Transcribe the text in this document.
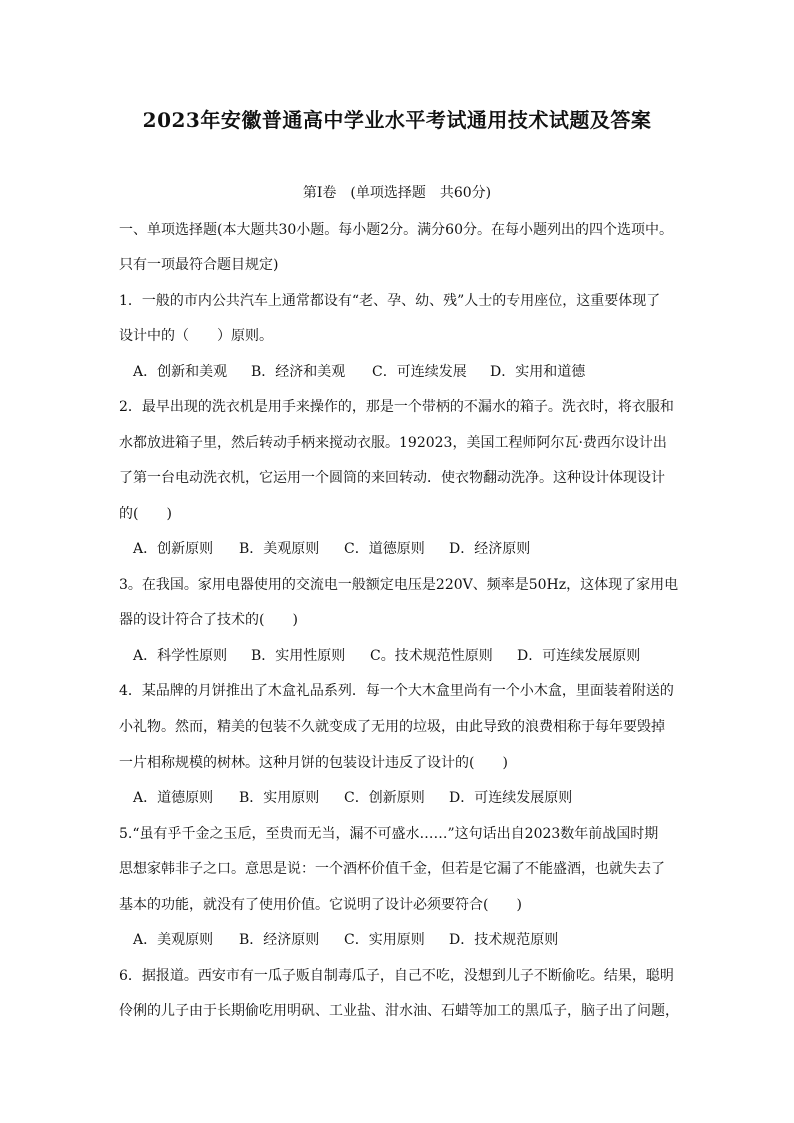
2023年安徽普通高中学业水平考试通用技术试题及答案
第Ⅰ卷　(单项选择题　共60分)
一、单项选择题(本大题共30小题。每小题2分。满分60分。在每小题列出的四个选项中。
只有一项最符合题目规定)
1．一般的市内公共汽车上通常都设有“老、孕、幼、残”人士的专用座位，这重要体现了
设计中的（　　）原则。
A．创新和美观 B．经济和美观 C．可连续发展 D．实用和道德
2．最早出现的洗衣机是用手来操作的，那是一个带柄的不漏水的箱子。洗衣时，将衣服和
水都放进箱子里，然后转动手柄来搅动衣服。192023，美国工程师阿尔瓦·费西尔设计出
了第一台电动洗衣机，它运用一个圆筒的来回转动．使衣物翻动洗净。这种设计体现设计
的(　　)
A．创新原则 B．美观原则 C．道德原则 D．经济原则
3。在我国。家用电器使用的交流电一般额定电压是220V、频率是50Hz，这体现了家用电
器的设计符合了技术的(　　)
A．科学性原则 B．实用性原则 C。技术规范性原则 D．可连续发展原则
4．某品牌的月饼推出了木盒礼品系列．每一个大木盒里尚有一个小木盒，里面装着附送的
小礼物。然而，精美的包装不久就变成了无用的垃圾，由此导致的浪费相称于每年要毁掉
一片相称规模的树林。这种月饼的包装设计违反了设计的(　　)
A．道德原则 B．实用原则 C．创新原则 D．可连续发展原则
5.“虽有乎千金之玉卮，至贵而无当，漏不可盛水……”这句话出自2023数年前战国时期
思想家韩非子之口。意思是说：一个酒杯价值千金，但若是它漏了不能盛酒，也就失去了
基本的功能，就没有了使用价值。它说明了设计必须要符合(　　)
A．美观原则 B．经济原则 C．实用原则 D．技术规范原则
6．据报道。西安市有一瓜子贩自制毒瓜子，自己不吃，没想到儿子不断偷吃。结果，聪明
伶俐的儿子由于长期偷吃用明矾、工业盐、泔水油、石蜡等加工的黑瓜子，脑子出了问题，
